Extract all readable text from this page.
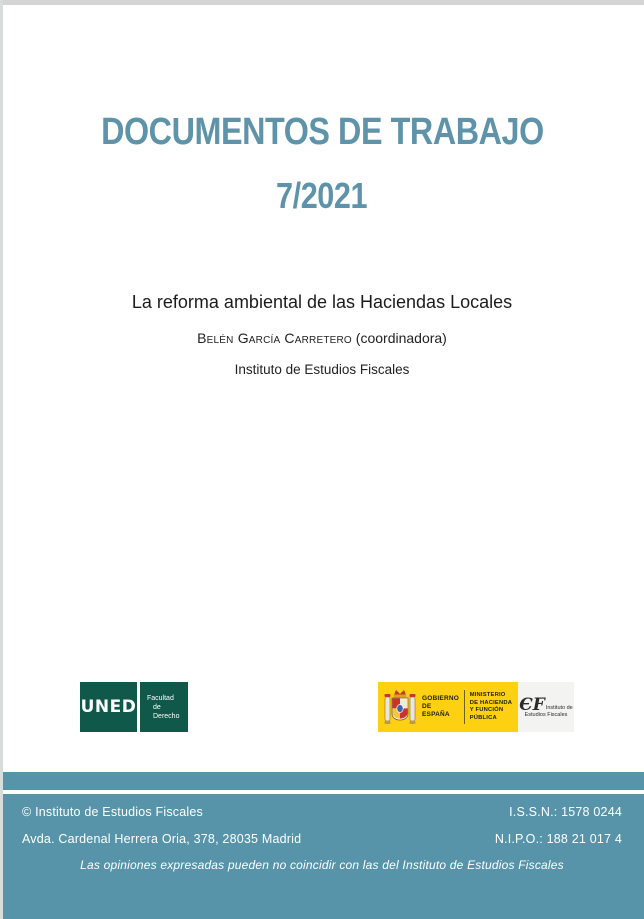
DOCUMENTOS DE TRABAJO
7/2021
La reforma ambiental de las Haciendas Locales
Belén García Carretero (coordinadora)
Instituto de Estudios Fiscales
UNED Facultad
de Derecho
GOBIERNO
DE ESPAÑA
MINISTERIO
DE HACIENDA
Y FUNCIÓN PÚBLICA
ЄF Instituto de
Estudios Fiscales
© Instituto de Estudios Fiscales	I.S.S.N.: 1578 0244
Avda. Cardenal Herrera Oria, 378, 28035 Madrid	N.I.P.O.: 188 21 017 4
Las opiniones expresadas pueden no coincidir con las del Instituto de Estudios Fiscales
